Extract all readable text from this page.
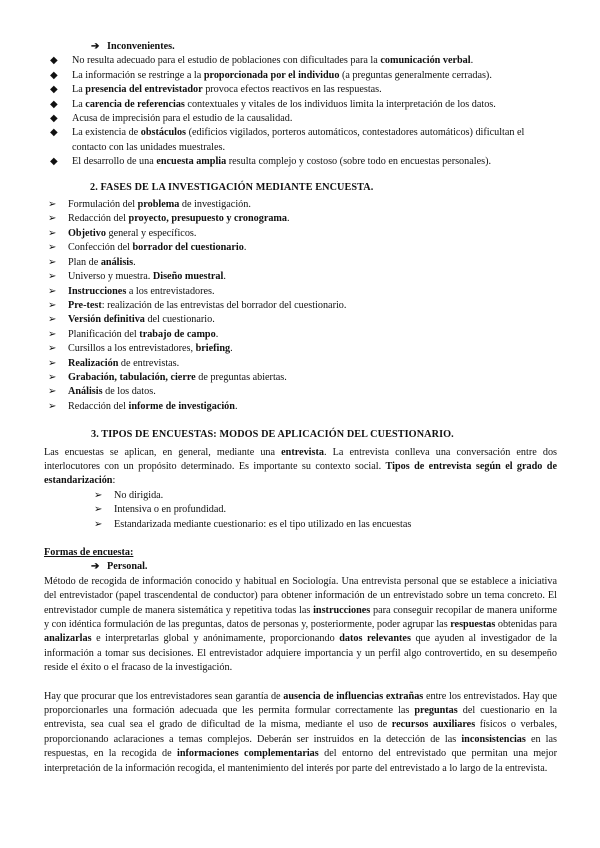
➔ Inconvenientes.
◆ No resulta adecuado para el estudio de poblaciones con dificultades para la comunicación verbal.
◆ La información se restringe a la proporcionada por el individuo (a preguntas generalmente cerradas).
◆ La presencia del entrevistador provoca efectos reactivos en las respuestas.
◆ La carencia de referencias contextuales y vitales de los individuos limita la interpretación de los datos.
◆ Acusa de imprecisión para el estudio de la causalidad.
◆ La existencia de obstáculos (edificios vigilados, porteros automáticos, contestadores automáticos) dificultan el contacto con las unidades muestrales.
◆ El desarrollo de una encuesta amplia resulta complejo y costoso (sobre todo en encuestas personales).
2. FASES DE LA INVESTIGACIÓN MEDIANTE ENCUESTA.
➢ Formulación del problema de investigación.
➢ Redacción del proyecto, presupuesto y cronograma.
➢ Objetivo general y específicos.
➢ Confección del borrador del cuestionario.
➢ Plan de análisis.
➢ Universo y muestra. Diseño muestral.
➢ Instrucciones a los entrevistadores.
➢ Pre-test: realización de las entrevistas del borrador del cuestionario.
➢ Versión definitiva del cuestionario.
➢ Planificación del trabajo de campo.
➢ Cursillos a los entrevistadores, briefing.
➢ Realización de entrevistas.
➢ Grabación, tabulación, cierre de preguntas abiertas.
➢ Análisis de los datos.
➢ Redacción del informe de investigación.
3. TIPOS DE ENCUESTAS: MODOS DE APLICACIÓN DEL CUESTIONARIO.

Las encuestas se aplican, en general, mediante una entrevista. La entrevista conlleva una conversación entre dos interlocutores con un propósito determinado. Es importante su contexto social. Tipos de entrevista según el grado de estandarización:

➢ No dirigida.
➢ Intensiva o en profundidad.
➢ Estandarizada mediante cuestionario: es el tipo utilizado en las encuestas
Formas de encuesta:
➔ Personal.

Método de recogida de información conocido y habitual en Sociología. Una entrevista personal que se establece a iniciativa del entrevistador (papel trascendental de conductor) para obtener información de un entrevistado sobre un tema concreto. El entrevistador cumple de manera sistemática y repetitiva todas las instrucciones para conseguir recopilar de manera uniforme y con idéntica formulación de las preguntas, datos de personas y, posteriormente, poder agrupar las respuestas obtenidas para analizarlas e interpretarlas global y anónimamente, proporcionando datos relevantes que ayuden al investigador de la información a tomar sus decisiones. El entrevistador adquiere importancia y un perfil algo controvertido, en su desempeño reside el éxito o el fracaso de la investigación.

Hay que procurar que los entrevistadores sean garantía de ausencia de influencias extrañas entre los entrevistados. Hay que proporcionarles una formación adecuada que les permita formular correctamente las preguntas del cuestionario en la entrevista, sea cual sea el grado de dificultad de la misma, mediante el uso de recursos auxiliares físicos o verbales, proporcionando aclaraciones a temas complejos. Deberán ser instruidos en la detección de las inconsistencias en las respuestas, en la recogida de informaciones complementarias del entorno del entrevistado que permitan una mejor interpretación de la información recogida, el mantenimiento del interés por parte del entrevistado a lo largo de la entrevista.
